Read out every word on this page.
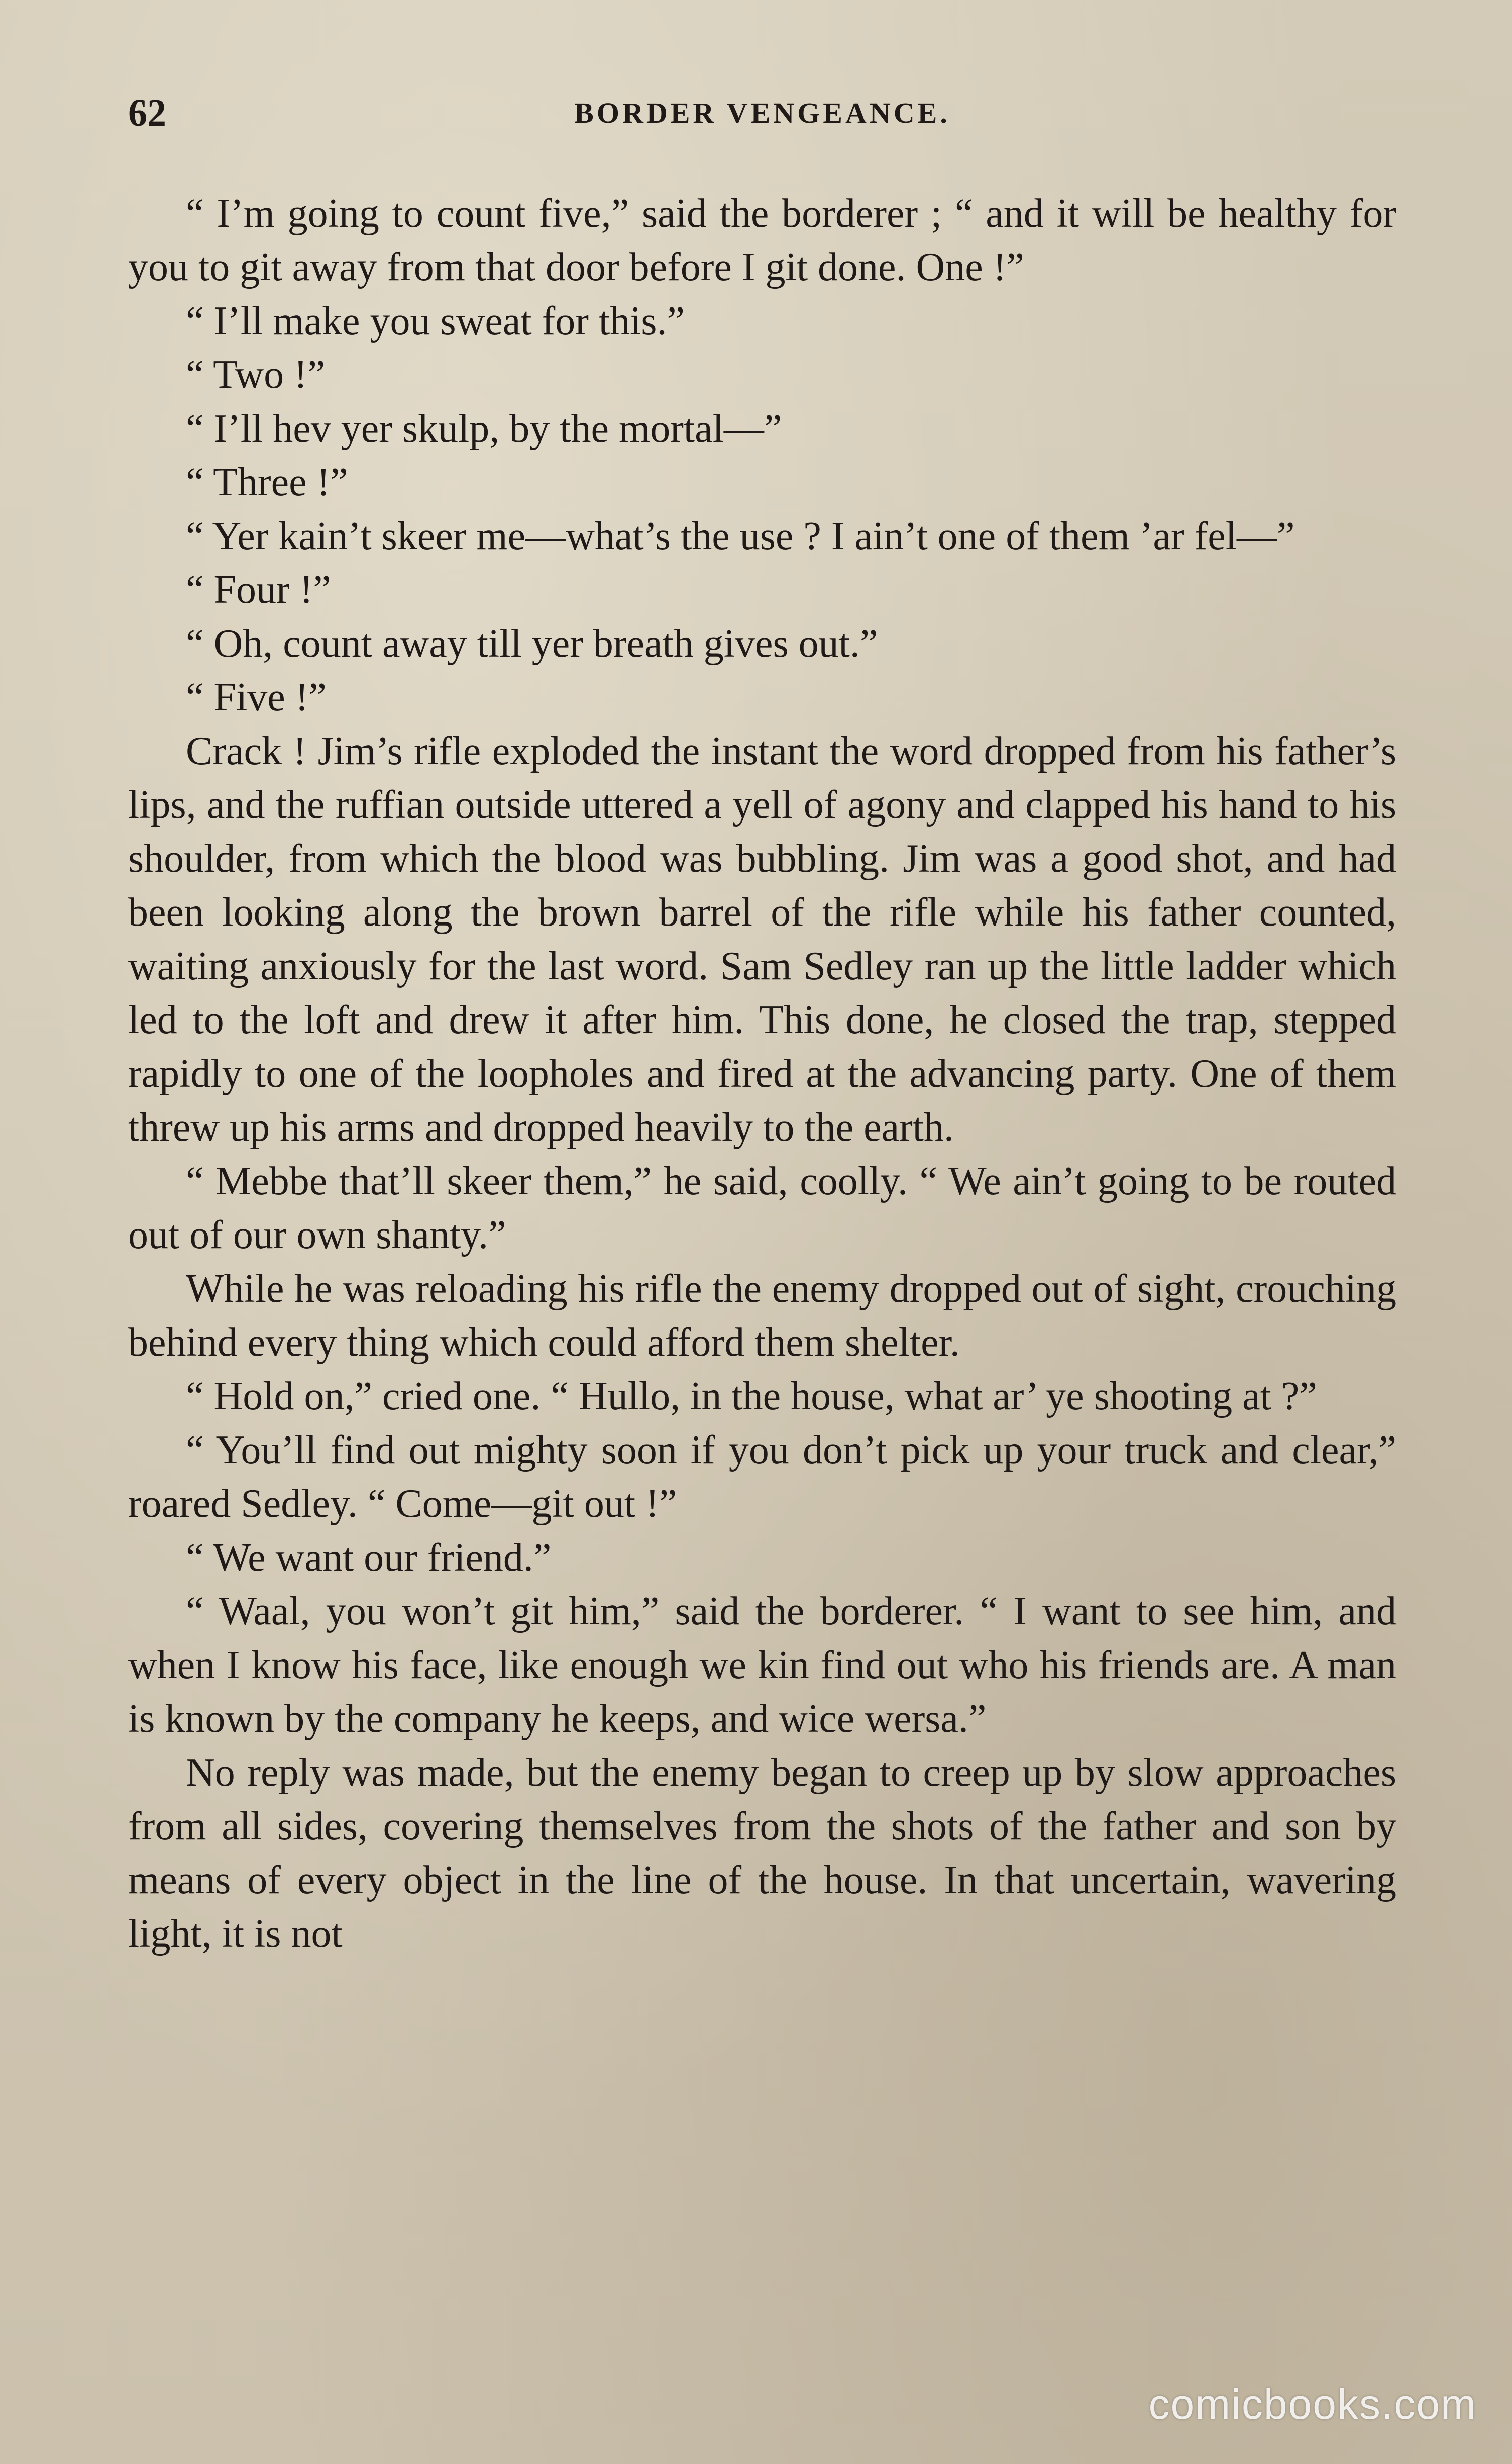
62	BORDER VENGEANCE.

“ I’m going to count five,” said the borderer ; “ and it will be healthy for you to git away from that door before I git done. One !”

“ I’ll make you sweat for this.”

“ Two !”

“ I’ll hev yer skulp, by the mortal—”

“ Three !”

“ Yer kain’t skeer me—what’s the use ? I ain’t one of them ’ar fel—”

“ Four !”

“ Oh, count away till yer breath gives out.”

“ Five !”

Crack ! Jim’s rifle exploded the instant the word dropped from his father’s lips, and the ruffian outside uttered a yell of agony and clapped his hand to his shoulder, from which the blood was bubbling. Jim was a good shot, and had been looking along the brown barrel of the rifle while his father counted, waiting anxiously for the last word. Sam Sedley ran up the little ladder which led to the loft and drew it after him. This done, he closed the trap, stepped rapidly to one of the loopholes and fired at the advancing party. One of them threw up his arms and dropped heavily to the earth.

“ Mebbe that’ll skeer them,” he said, coolly. “ We ain’t going to be routed out of our own shanty.”

While he was reloading his rifle the enemy dropped out of sight, crouching behind every thing which could afford them shelter.

“ Hold on,” cried one. “ Hullo, in the house, what ar’ ye shooting at ?”

“ You’ll find out mighty soon if you don’t pick up your truck and clear,” roared Sedley. “ Come—git out !”

“ We want our friend.”

“ Waal, you won’t git him,” said the borderer. “ I want to see him, and when I know his face, like enough we kin find out who his friends are. A man is known by the company he keeps, and wice wersa.”

No reply was made, but the enemy began to creep up by slow approaches from all sides, covering themselves from the shots of the father and son by means of every object in the line of the house. In that uncertain, wavering light, it is not

comicbooks.com
